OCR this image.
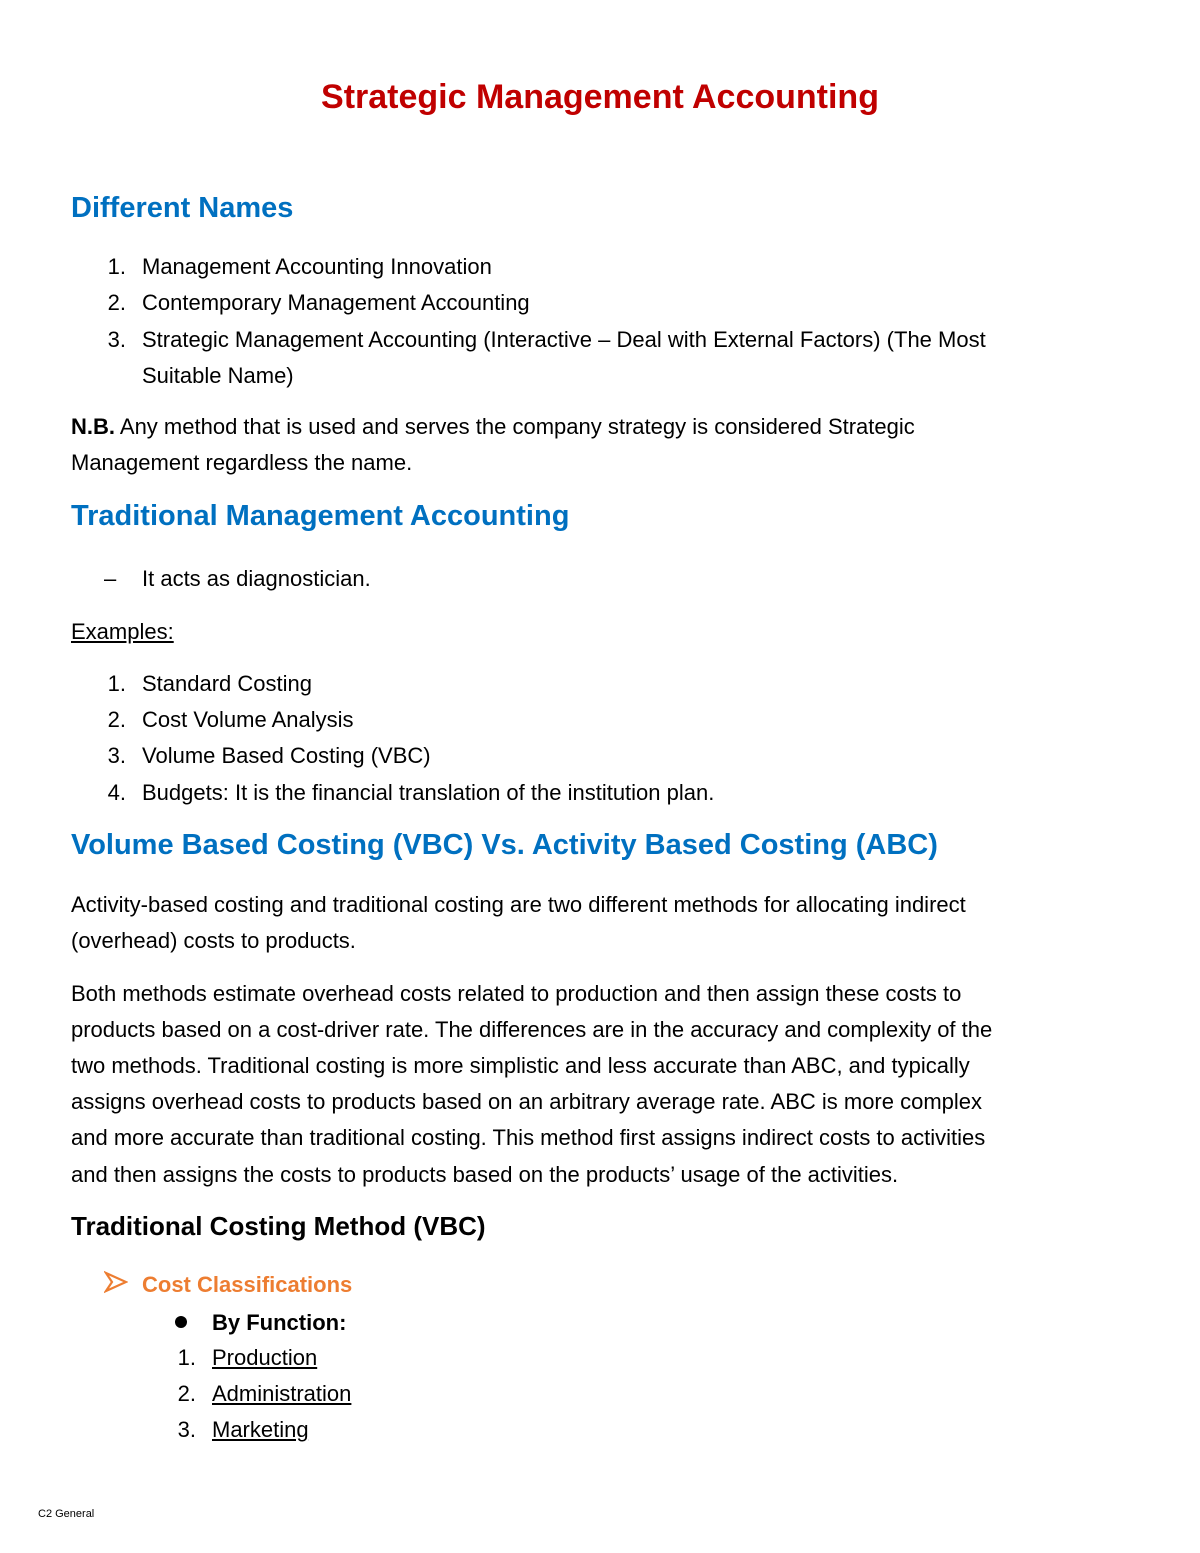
Strategic Management Accounting
Different Names
1. Management Accounting Innovation
2. Contemporary Management Accounting
3. Strategic Management Accounting (Interactive – Deal with External Factors) (The Most
Suitable Name)
N.B. Any method that is used and serves the company strategy is considered Strategic
Management regardless the name.
Traditional Management Accounting
– It acts as diagnostician.
Examples:
1. Standard Costing
2. Cost Volume Analysis
3. Volume Based Costing (VBC)
4. Budgets: It is the financial translation of the institution plan.
Volume Based Costing (VBC) Vs. Activity Based Costing (ABC)
Activity-based costing and traditional costing are two different methods for allocating indirect
(overhead) costs to products.
Both methods estimate overhead costs related to production and then assign these costs to
products based on a cost-driver rate. The differences are in the accuracy and complexity of the
two methods. Traditional costing is more simplistic and less accurate than ABC, and typically
assigns overhead costs to products based on an arbitrary average rate. ABC is more complex
and more accurate than traditional costing. This method first assigns indirect costs to activities
and then assigns the costs to products based on the products’ usage of the activities.
Traditional Costing Method (VBC)
Cost Classifications
By Function:
1. Production
2. Administration
3. Marketing
C2 General
